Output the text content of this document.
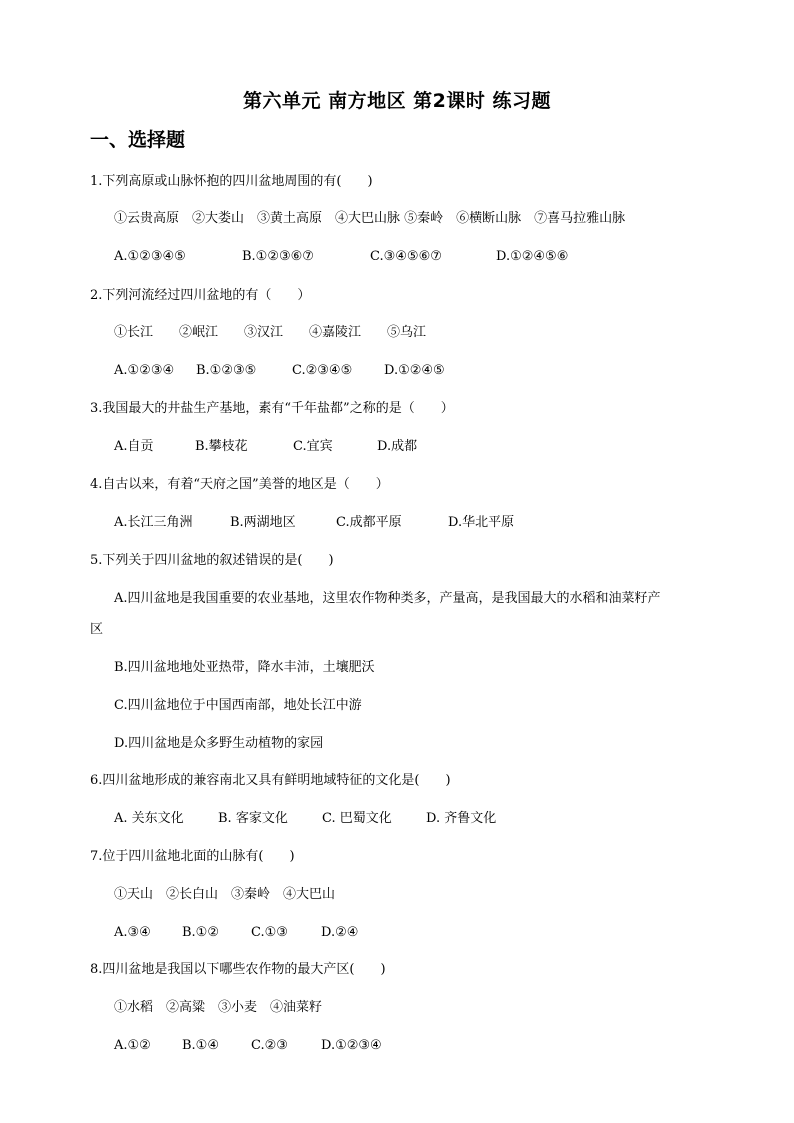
第六单元 南方地区 第2课时 练习题
一、选择题
1.下列高原或山脉怀抱的四川盆地周围的有(　　)
①云贵高原　②大娄山　③黄土高原　④大巴山脉 ⑤秦岭　⑥横断山脉　⑦喜马拉雅山脉
A.①②③④⑤	B.①②③⑥⑦	C.③④⑤⑥⑦	D.①②④⑤⑥
2.下列河流经过四川盆地的有（　　）
①长江　　②岷江　　③汉江　　④嘉陵江　　⑤乌江
A.①②③④ B.①②③⑤	C.②③④⑤ D.①②④⑤
3.我国最大的井盐生产基地，素有“千年盐都”之称的是（　　）
A.自贡	B.攀枝花	C.宜宾	D.成都
4.自古以来，有着“天府之国”美誉的地区是（　　）
A.长江三角洲	B.两湖地区	C.成都平原	D.华北平原
5.下列关于四川盆地的叙述错误的是(　　)
A.四川盆地是我国重要的农业基地，这里农作物种类多，产量高，是我国最大的水稻和油菜籽产
区
B.四川盆地地处亚热带，降水丰沛，土壤肥沃
C.四川盆地位于中国西南部，地处长江中游
D.四川盆地是众多野生动植物的家园
6.四川盆地形成的兼容南北又具有鲜明地域特征的文化是(　　)
A. 关东文化	B. 客家文化	C. 巴蜀文化	D. 齐鲁文化
7.位于四川盆地北面的山脉有(　　)
①天山　②长白山　③秦岭　④大巴山
A.③④ B.①② C.①③	D.②④
8.四川盆地是我国以下哪些农作物的最大产区(　　)
①水稻　②高粱　③小麦　④油菜籽
A.①② B.①④ C.②③	D.①②③④
